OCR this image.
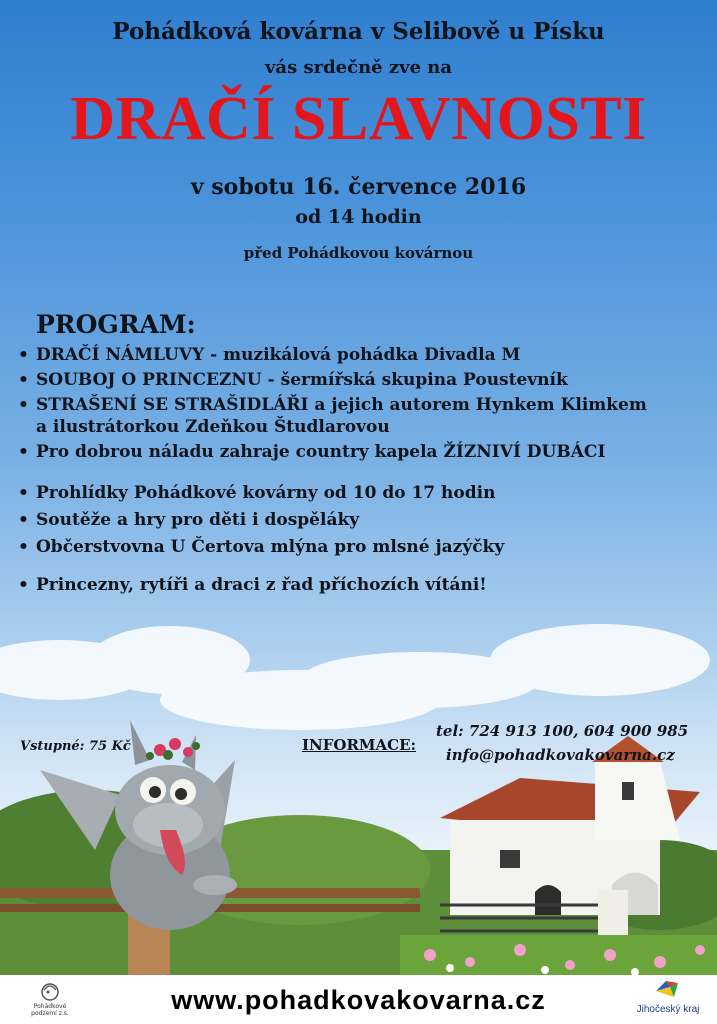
Pohádková kovárna v Selibově u Písku
vás srdečně zve na
DRAČÍ SLAVNOSTI
v sobotu 16. července 2016
od 14 hodin
před Pohádkovou kovárnou
PROGRAM:
• DRAČÍ NÁMLUVY - muzikálová pohádka Divadla M
• SOUBOJ O PRINCEZNU - šermířská skupina Poustevník
• STRAŠENÍ SE STRAŠIDLÁŘI a jejich autorem Hynkem Klimkem
a ilustrátorkou Zdeňkou Študlarovou
• Pro dobrou náladu zahraje country kapela ŽÍZNIVÍ DUBÁCI
• Prohlídky Pohádkové kovárny od 10 do 17 hodin
• Soutěže a hry pro děti i dospěláky
• Občerstvovna U Čertova mlýna pro mlsné jazýčky
• Princezny, rytíři a draci z řad příchozích vítáni!
Vstupné: 75 Kč	INFORMACE:
tel: 724 913 100, 604 900 985
info@pohadkovakovarna.cz
Pohádkové podzemí z.s.	www.pohadkovakovarna.cz	Jihočeský kraj
